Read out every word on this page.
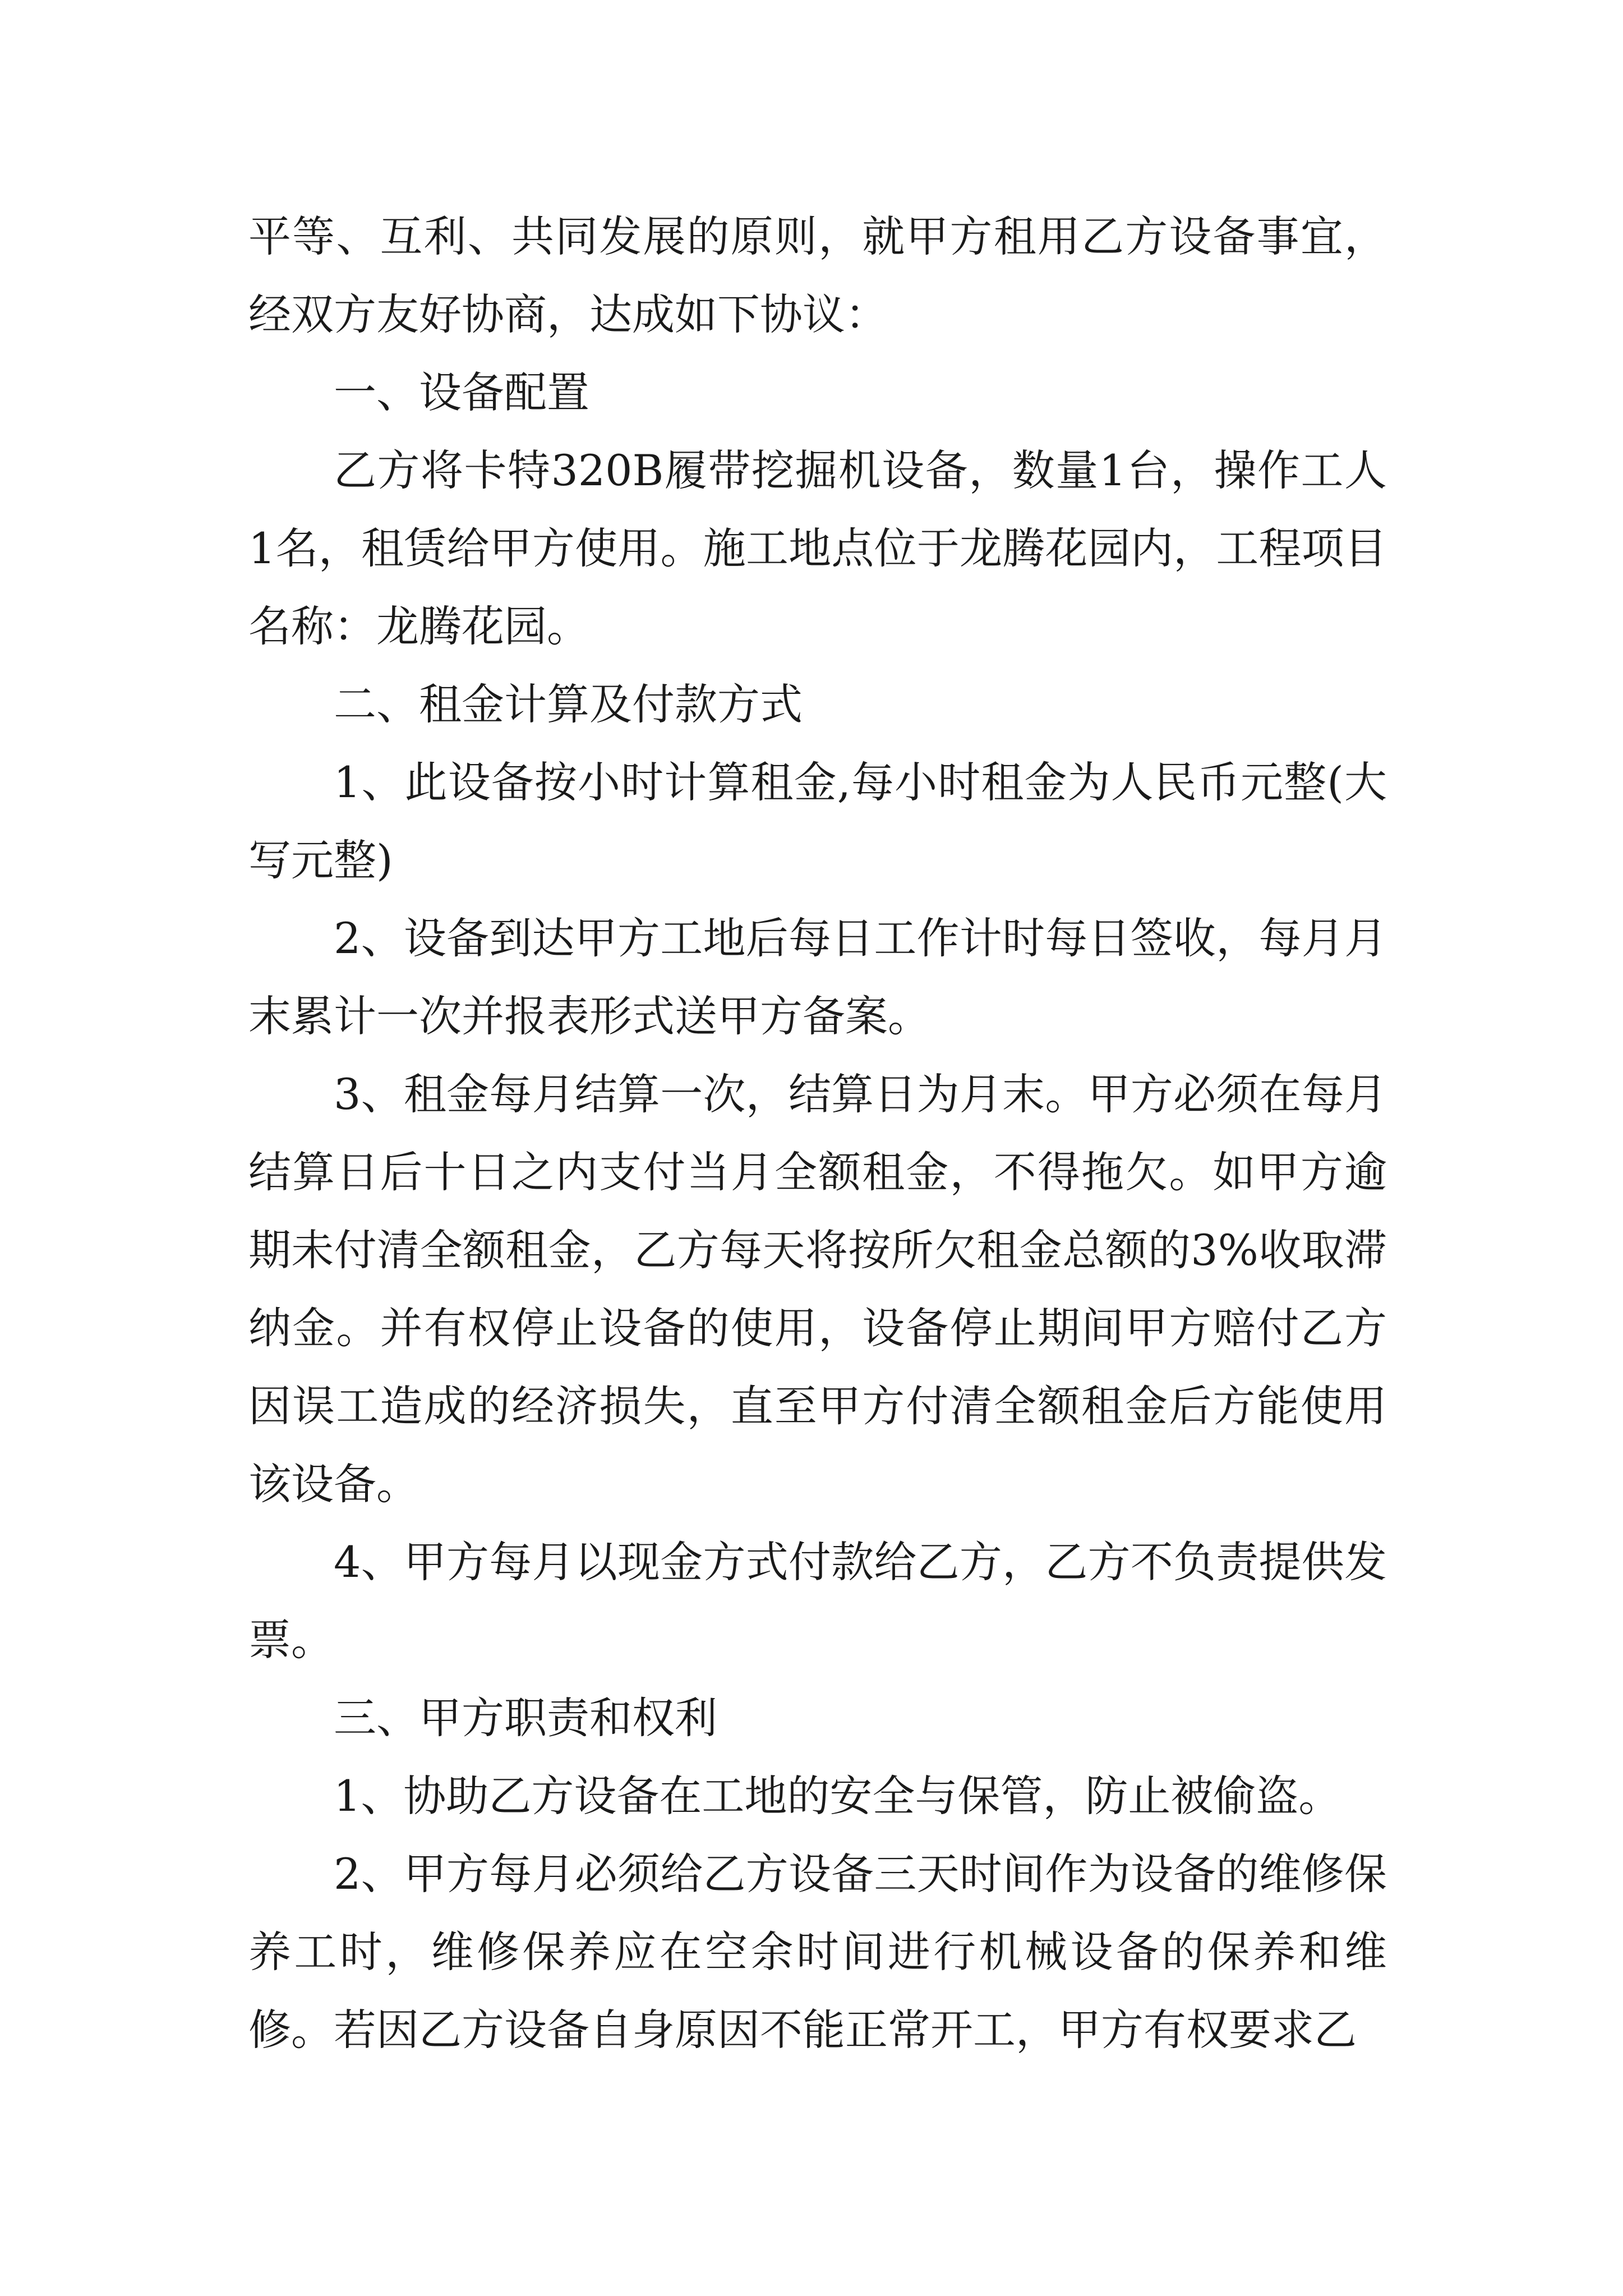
平等、互利、共同发展的原则，就甲方租用乙方设备事宜，经双方友好协商，达成如下协议：

一、设备配置

乙方将卡特320B履带挖掘机设备，数量1台，操作工人1名，租赁给甲方使用。施工地点位于龙腾花园内，工程项目名称：龙腾花园。

二、租金计算及付款方式

1、此设备按小时计算租金,每小时租金为人民币元整(大写元整)

2、设备到达甲方工地后每日工作计时每日签收，每月月末累计一次并报表形式送甲方备案。

3、租金每月结算一次，结算日为月末。甲方必须在每月结算日后十日之内支付当月全额租金，不得拖欠。如甲方逾期未付清全额租金，乙方每天将按所欠租金总额的3%收取滞纳金。并有权停止设备的使用，设备停止期间甲方赔付乙方因误工造成的经济损失，直至甲方付清全额租金后方能使用该设备。

4、甲方每月以现金方式付款给乙方，乙方不负责提供发票。

三、甲方职责和权利

1、协助乙方设备在工地的安全与保管，防止被偷盗。

2、甲方每月必须给乙方设备三天时间作为设备的维修保养工时，维修保养应在空余时间进行机械设备的保养和维修。若因乙方设备自身原因不能正常开工，甲方有权要求乙
